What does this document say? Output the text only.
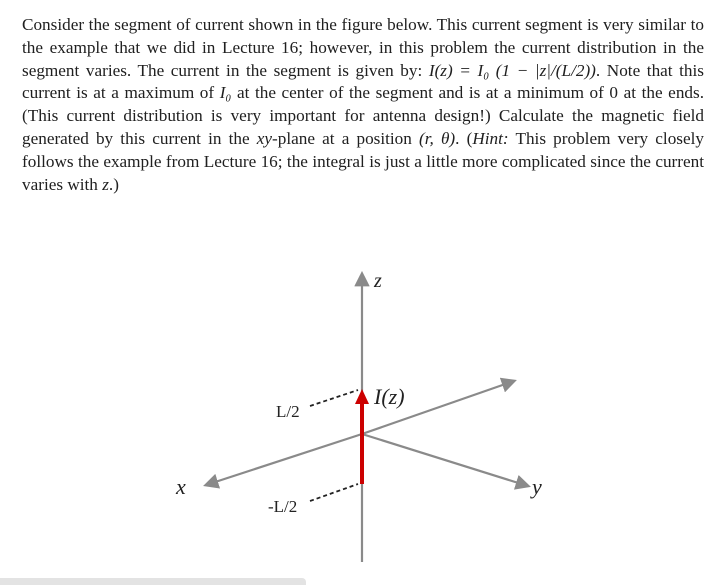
Consider the segment of current shown in the figure below. This current segment is very similar to the example that we did in Lecture 16; however, in this problem the current distribution in the segment varies. The current in the segment is given by: I(z) = I₀ (1 − |z|/(L/2)). Note that this current is at a maximum of I₀ at the center of the segment and is at a minimum of 0 at the ends. (This current distribution is very important for antenna design!) Calculate the magnetic field generated by this current in the xy-plane at a position (r, θ). (Hint: This problem very closely follows the example from Lecture 16; the integral is just a little more complicated since the current varies with z.)

z
I(z)
L/2
-L/2
x	y
